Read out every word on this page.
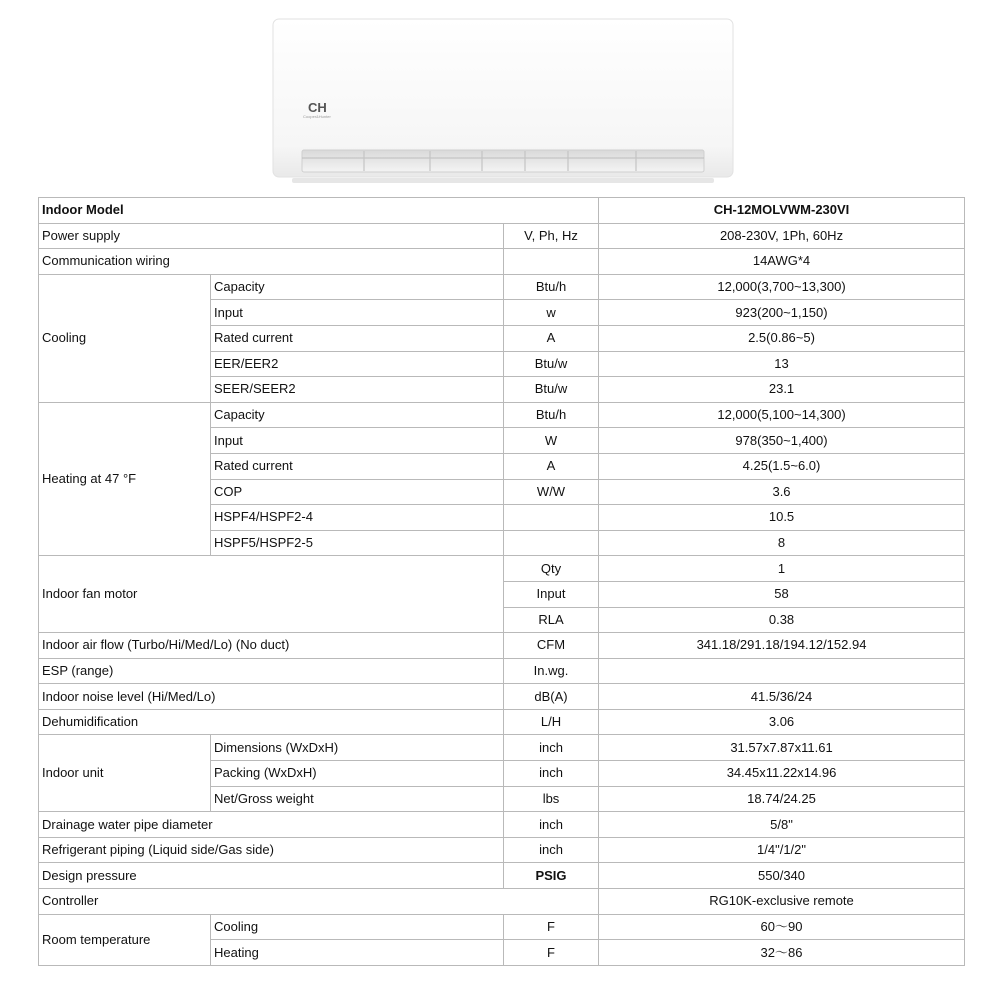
CH
Cooper&Hunter
Indoor Model			CH-12MOLVWM-230VI
Power supply		V, Ph, Hz	208-230V, 1Ph, 60Hz
Communication wiring			14AWG*4
Cooling	Capacity	Btu/h	12,000(3,700~13,300)
	Input	w	923(200~1,150)
	Rated current	A	2.5(0.86~5)
	EER/EER2	Btu/w	13
	SEER/SEER2	Btu/w	23.1
Heating at 47 °F	Capacity	Btu/h	12,000(5,100~14,300)
	Input	W	978(350~1,400)
	Rated current	A	4.25(1.5~6.0)
	COP	W/W	3.6
	HSPF4/HSPF2-4		10.5
	HSPF5/HSPF2-5		8
Indoor fan motor		Qty	1
		Input	58
		RLA	0.38
Indoor air flow (Turbo/Hi/Med/Lo) (No duct)		CFM	341.18/291.18/194.12/152.94
ESP (range)		In.wg.	
Indoor noise level (Hi/Med/Lo)		dB(A)	41.5/36/24
Dehumidification		L/H	3.06
Indoor unit	Dimensions (WxDxH)	inch	31.57x7.87x11.61
	Packing (WxDxH)	inch	34.45x11.22x14.96
	Net/Gross weight	lbs	18.74/24.25
Drainage water pipe diameter		inch	5/8"
Refrigerant piping (Liquid side/Gas side)		inch	1/4"/1/2"
Design pressure		PSIG	550/340
Controller			RG10K-exclusive remote
Room temperature	Cooling	F	60～90
	Heating	F	32～86
